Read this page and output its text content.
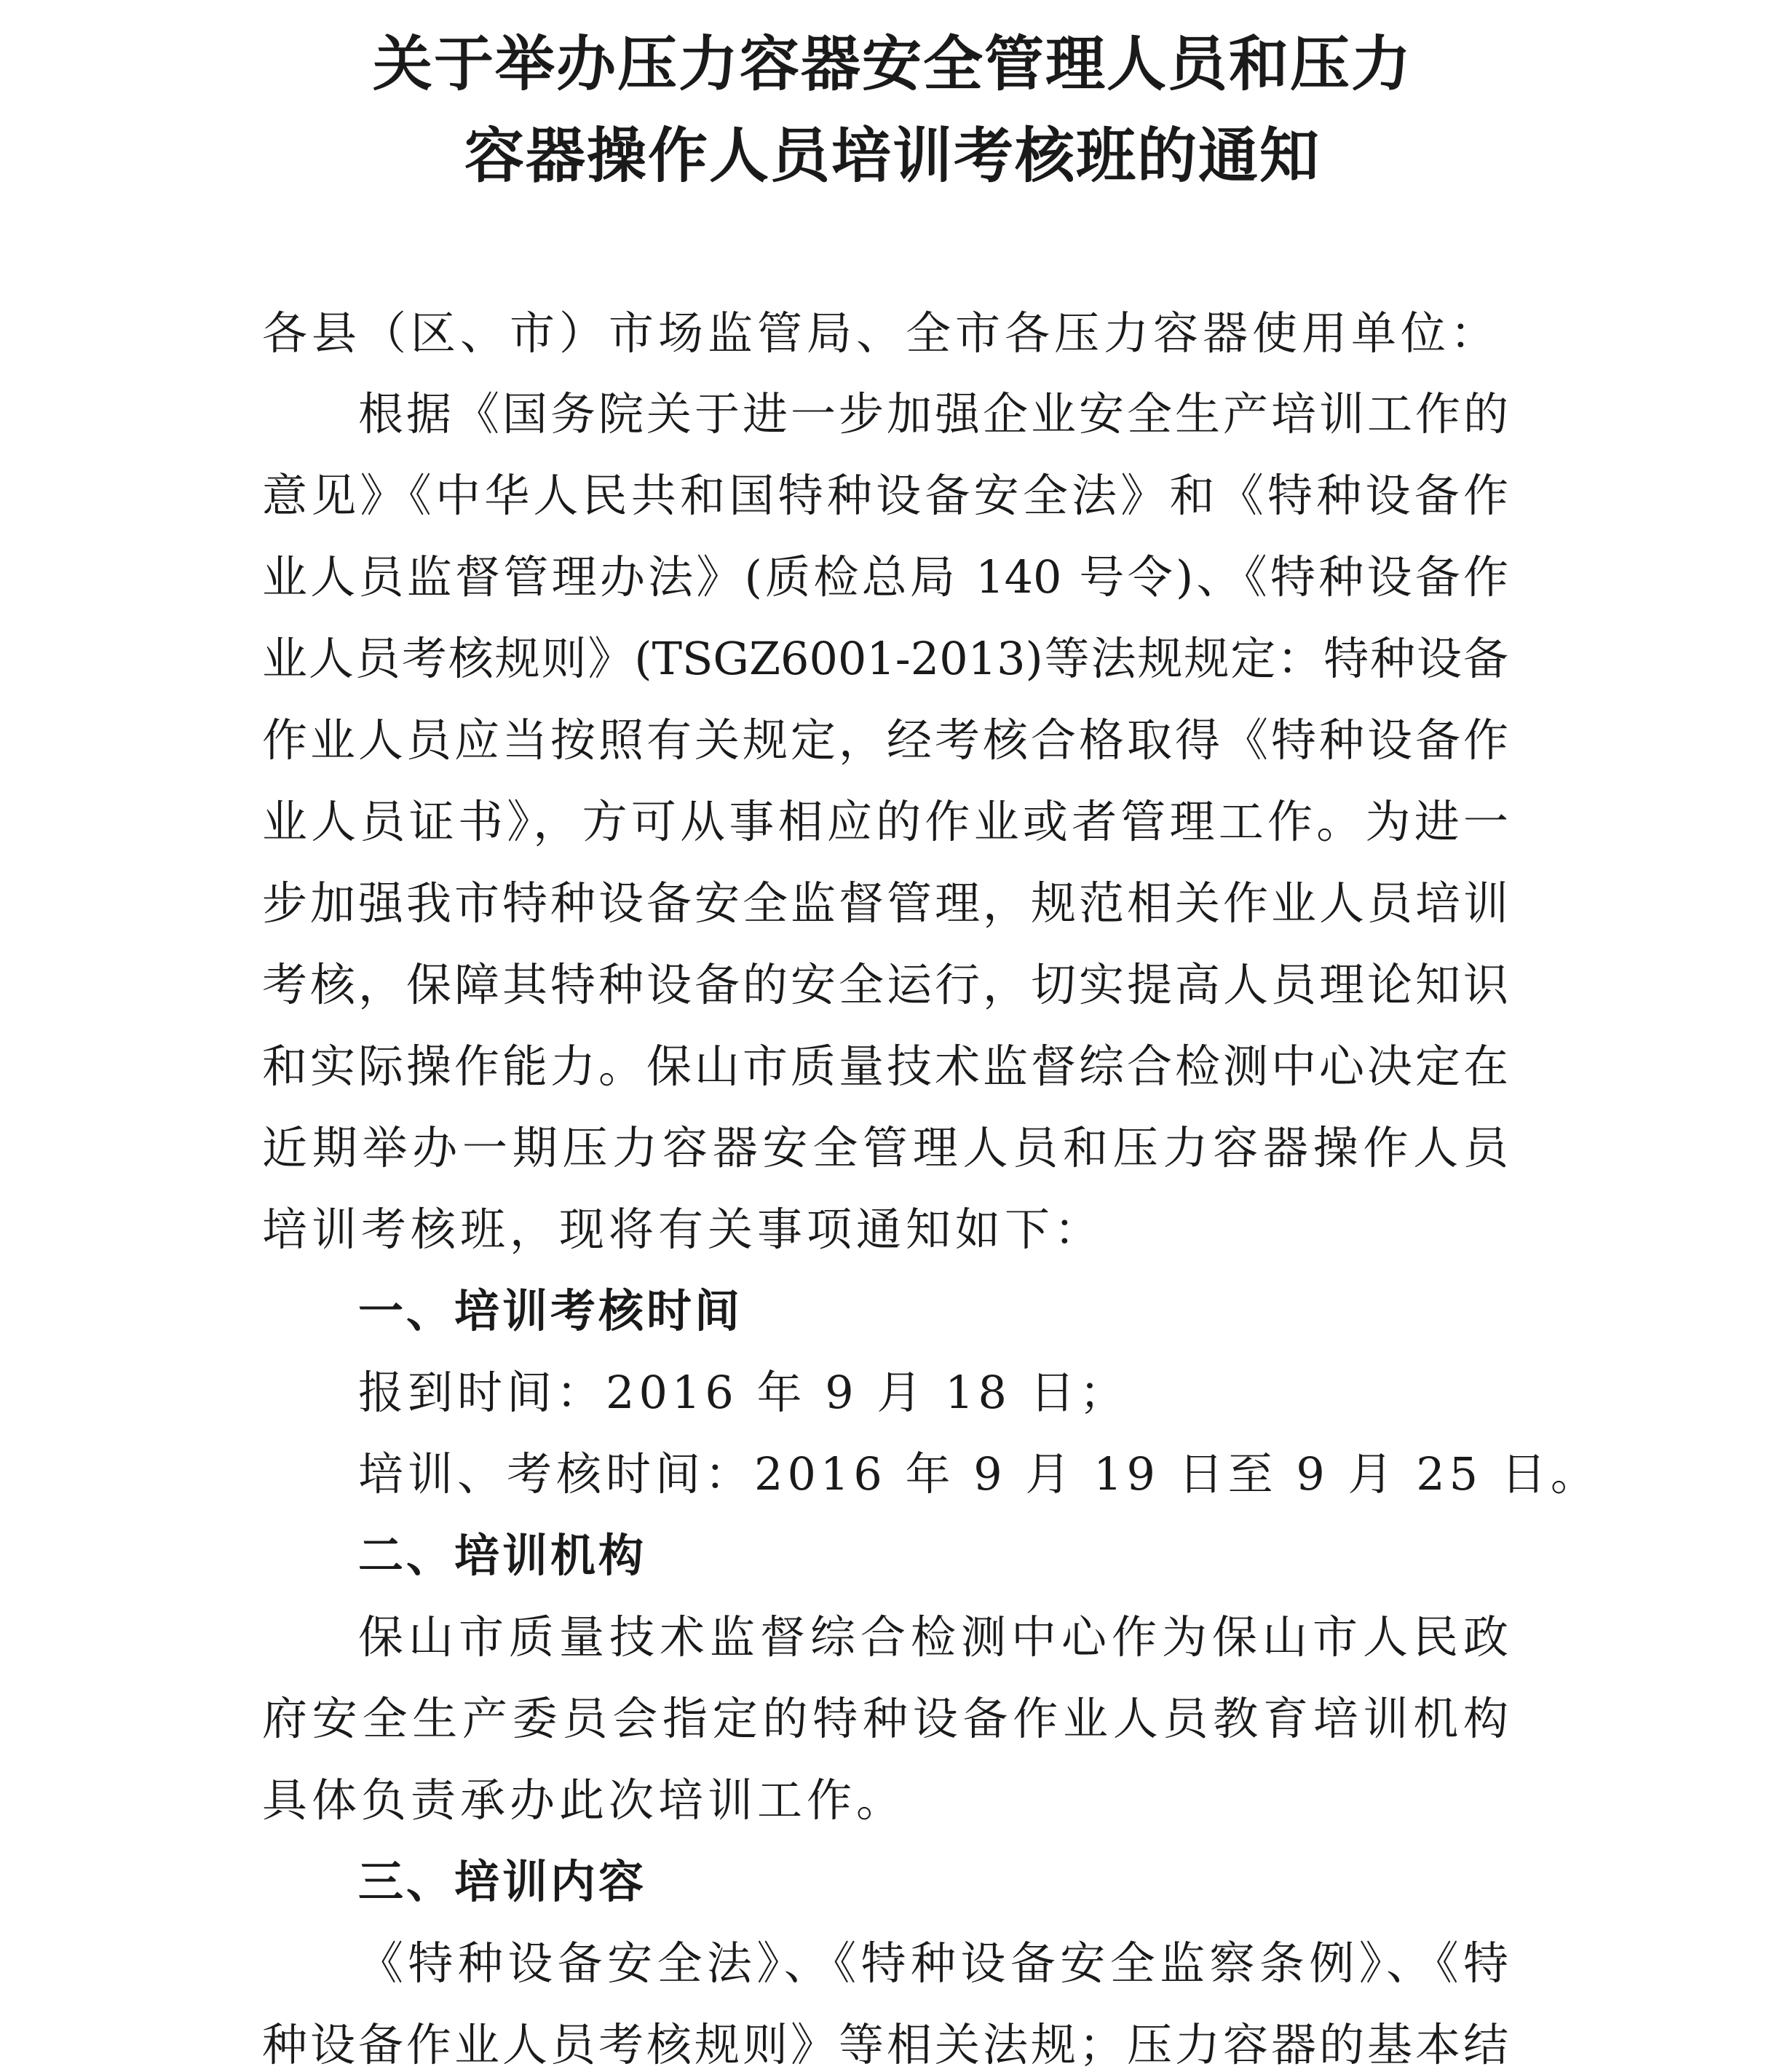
关于举办压力容器安全管理人员和压力
容器操作人员培训考核班的通知
各县（区、市）市场监管局、全市各压力容器使用单位：
根据《国务院关于进一步加强企业安全生产培训工作的
意见》《中华人民共和国特种设备安全法》和《特种设备作
业人员监督管理办法》(质检总局 140 号令)、《特种设备作
业人员考核规则》(TSGZ6001-2013)等法规规定：特种设备
作业人员应当按照有关规定，经考核合格取得《特种设备作
业人员证书》，方可从事相应的作业或者管理工作。为进一
步加强我市特种设备安全监督管理，规范相关作业人员培训
考核，保障其特种设备的安全运行，切实提高人员理论知识
和实际操作能力。保山市质量技术监督综合检测中心决定在
近期举办一期压力容器安全管理人员和压力容器操作人员
培训考核班，现将有关事项通知如下：
一、培训考核时间
报到时间：2016 年 9 月 18 日；
培训、考核时间：2016 年 9 月 19 日至 9 月 25 日。
二、培训机构
保山市质量技术监督综合检测中心作为保山市人民政
府安全生产委员会指定的特种设备作业人员教育培训机构
具体负责承办此次培训工作。
三、培训内容
《特种设备安全法》、《特种设备安全监察条例》、《特
种设备作业人员考核规则》等相关法规；压力容器的基本结
